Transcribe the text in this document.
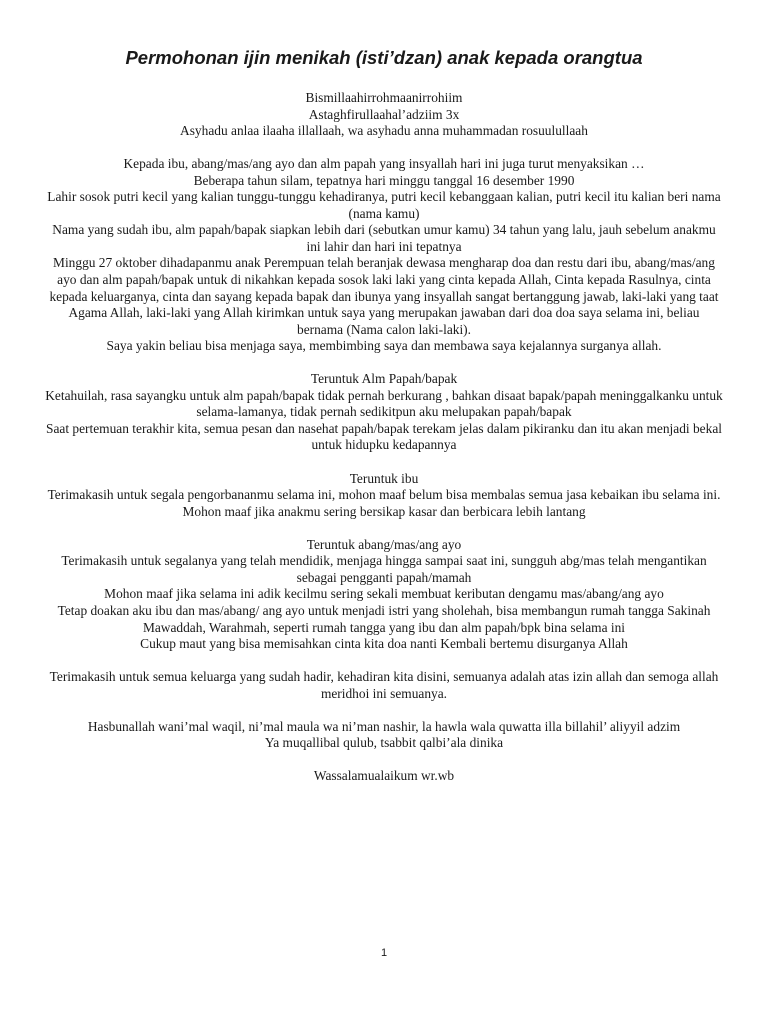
Permohonan ijin menikah (isti’dzan) anak kepada orangtua

Bismillaahirrohmaanirrohiim

Astaghfirullaahal’adziim 3x

Asyhadu anlaa ilaaha illallaah, wa asyhadu anna muhammadan rosuulullaah

Kepada ibu, abang/mas/ang ayo dan alm papah yang insyallah hari ini juga turut menyaksikan …

Beberapa tahun silam, tepatnya hari minggu tanggal 16 desember 1990

Lahir sosok putri kecil yang kalian tunggu-tunggu kehadiranya, putri kecil kebanggaan kalian, putri kecil itu kalian beri nama (nama kamu)

Nama yang sudah ibu, alm papah/bapak siapkan lebih dari (sebutkan umur kamu) 34 tahun yang lalu, jauh sebelum anakmu ini lahir dan hari ini tepatnya

Minggu 27 oktober dihadapanmu anak Perempuan telah beranjak dewasa mengharap doa dan restu dari ibu, abang/mas/ang ayo dan alm papah/bapak untuk di nikahkan kepada sosok laki laki yang cinta kepada Allah, Cinta kepada Rasulnya, cinta kepada keluarganya, cinta dan sayang kepada bapak dan ibunya yang insyallah sangat bertanggung jawab, laki-laki yang taat Agama Allah, laki-laki yang Allah kirimkan untuk saya yang merupakan jawaban dari doa doa saya selama ini, beliau bernama (Nama calon laki-laki).

Saya yakin beliau bisa menjaga saya, membimbing saya dan membawa saya kejalannya surganya allah.

Teruntuk Alm Papah/bapak

Ketahuilah, rasa sayangku untuk alm papah/bapak tidak pernah berkurang , bahkan disaat bapak/papah meninggalkanku untuk selama-lamanya, tidak pernah sedikitpun aku melupakan papah/bapak

Saat pertemuan terakhir kita, semua pesan dan nasehat papah/bapak terekam jelas dalam pikiranku dan itu akan menjadi bekal untuk hidupku kedapannya

Teruntuk ibu

Terimakasih untuk segala pengorbananmu selama ini, mohon maaf belum bisa membalas semua jasa kebaikan ibu selama ini.

Mohon maaf jika anakmu sering bersikap kasar dan berbicara lebih lantang

Teruntuk abang/mas/ang ayo

Terimakasih untuk segalanya yang telah mendidik, menjaga hingga sampai saat ini, sungguh abg/mas telah mengantikan sebagai pengganti papah/mamah

Mohon maaf jika selama ini adik kecilmu sering sekali membuat keributan dengamu mas/abang/ang ayo

Tetap doakan aku ibu dan mas/abang/ ang ayo untuk menjadi istri yang sholehah, bisa membangun rumah tangga Sakinah Mawaddah, Warahmah, seperti rumah tangga yang ibu dan alm papah/bpk bina selama ini

Cukup maut yang bisa memisahkan cinta kita doa nanti Kembali bertemu disurganya Allah

Terimakasih untuk semua keluarga yang sudah hadir, kehadiran kita disini, semuanya adalah atas izin allah dan semoga allah meridhoi ini semuanya.

Hasbunallah wani’mal waqil, ni’mal maula wa ni’man nashir, la hawla wala quwatta illa billahil’ aliyyil adzim

Ya muqallibal qulub, tsabbit qalbi’ala dinika

Wassalamualaikum wr.wb

1
